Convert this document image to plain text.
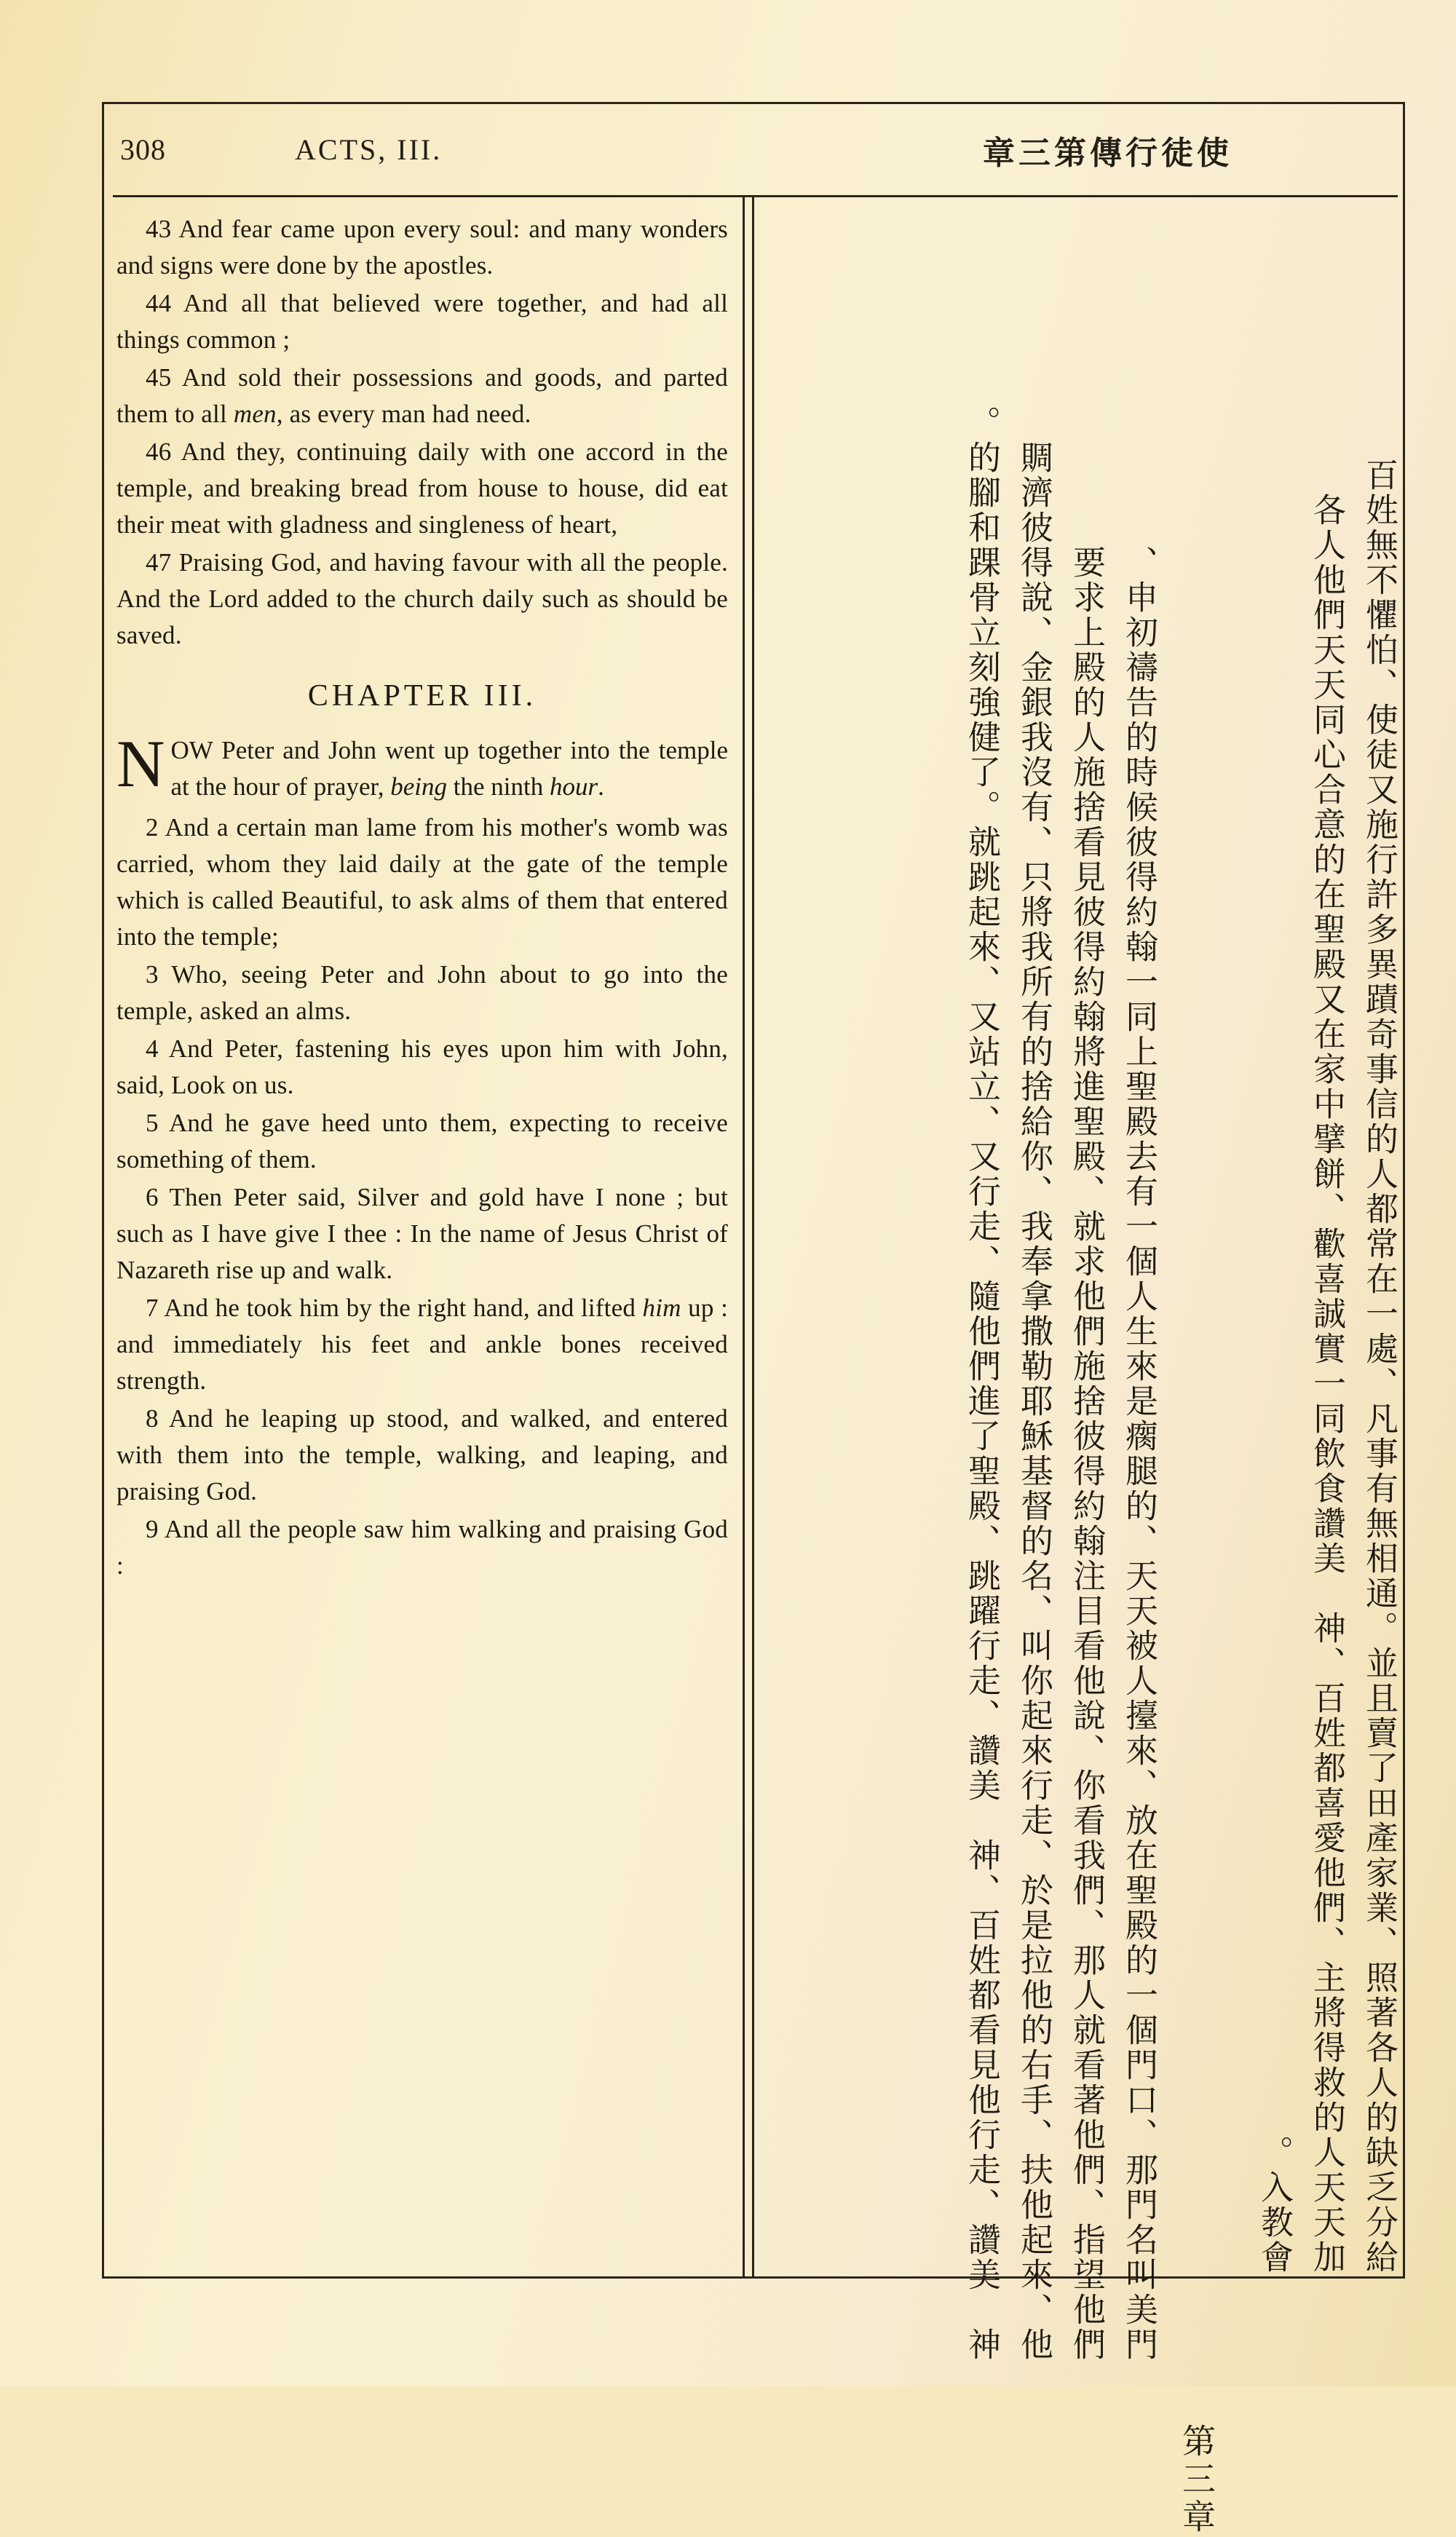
308	ACTS, III.	章三第傳行徒使

43 And fear came upon every soul: and many wonders and signs were done by the apostles.

44 And all that believed were together, and had all things common ;

45 And sold their possessions and goods, and parted them to all men, as every man had need.

46 And they, continuing daily with one accord in the temple, and breaking bread from house to house, did eat their meat with gladness and singleness of heart,

47 Praising God, and having favour with all the people. And the Lord added to the church daily such as should be saved.

CHAPTER III.

NOW Peter and John went up together into the temple at the hour of prayer, being the ninth hour.

2 And a certain man lame from his mother's womb was carried, whom they laid daily at the gate of the temple which is called Beautiful, to ask alms of them that entered into the temple;

3 Who, seeing Peter and John about to go into the temple, asked an alms.

4 And Peter, fastening his eyes upon him with John, said, Look on us.

5 And he gave heed unto them, expecting to receive something of them.

6 Then Peter said, Silver and gold have I none ; but such as I have give I thee : In the name of Jesus Christ of Nazareth rise up and walk.

7 And he took him by the right hand, and lifted him up : and immediately his feet and ankle bones received strength.

8 And he leaping up stood, and walked, and entered with them into the temple, walking, and leaping, and praising God.

9 And all the people saw him walking and praising God :	百姓無不懼怕、使徒又施行許多異蹟奇事信的人都常在一處、凡事有無相通。並且賣了田產家業、照著各人的缺乏分給
各人他們天天同心合意的在聖殿又在家中擘餅、歡喜誠實一同飲食讚美　神、百姓都喜愛他們、主將得救的人天天加
入教會。
第三章
申初禱告的時候彼得約翰一同上聖殿去有一個人生來是瘸腿的、天天被人擡來、放在聖殿的一個門口、那門名叫美門、
要求上殿的人施捨看見彼得約翰將進聖殿、就求他們施捨彼得約翰注目看他說、你看我們、那人就看著他們、指望他們
賙濟彼得說、金銀我沒有、只將我所有的捨給你、我奉拿撒勒耶穌基督的名、叫你起來行走、於是拉他的右手、扶他起來、他
的腳和踝骨立刻強健了。就跳起來、又站立、又行走、隨他們進了聖殿、跳躍行走、讚美　神、百姓都看見他行走、讚美　神。
